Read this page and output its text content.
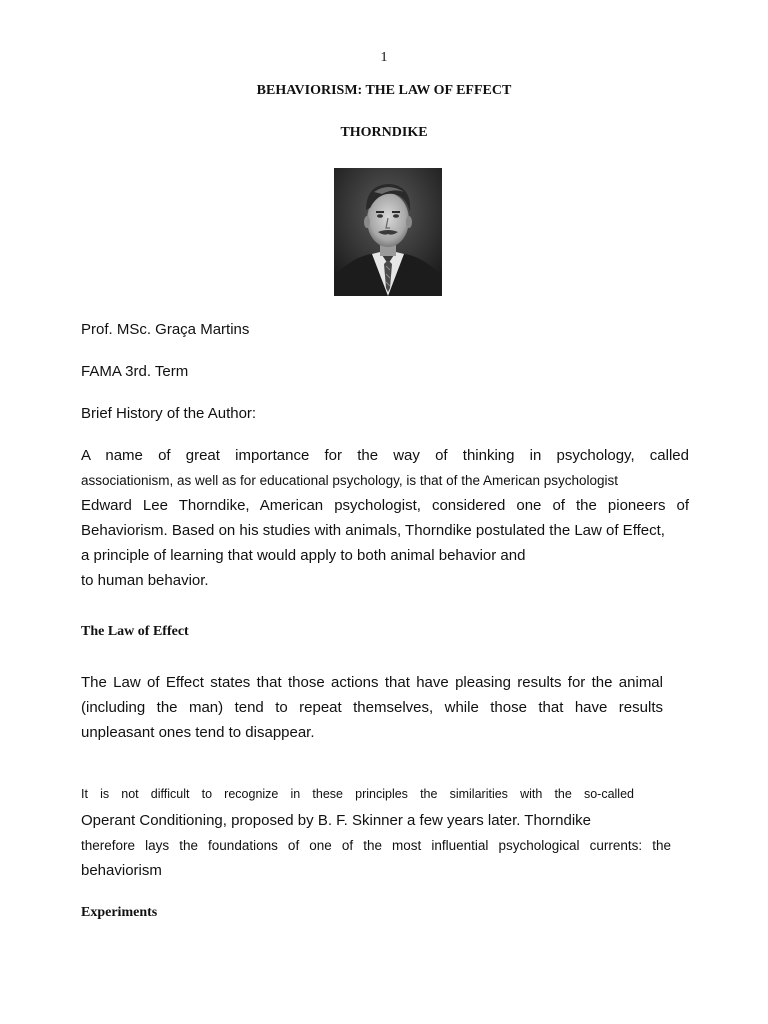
1
BEHAVIORISM: THE LAW OF EFFECT
THORNDIKE
Prof. MSc. Graça Martins
FAMA 3rd. Term
Brief History of the Author:
A name of great importance for the way of thinking in psychology, called
associationism, as well as for educational psychology, is that of the American psychologist
Edward Lee Thorndike, American psychologist, considered one of the pioneers of
Behaviorism. Based on his studies with animals, Thorndike postulated the Law of Effect,
a principle of learning that would apply to both animal behavior and
to human behavior.
The Law of Effect
The Law of Effect states that those actions that have pleasing results for the animal
(including the man) tend to repeat themselves, while those that have results
unpleasant ones tend to disappear.
It is not difficult to recognize in these principles the similarities with the so-called
Operant Conditioning, proposed by B. F. Skinner a few years later. Thorndike
therefore lays the foundations of one of the most influential psychological currents: the
behaviorism
Experiments
